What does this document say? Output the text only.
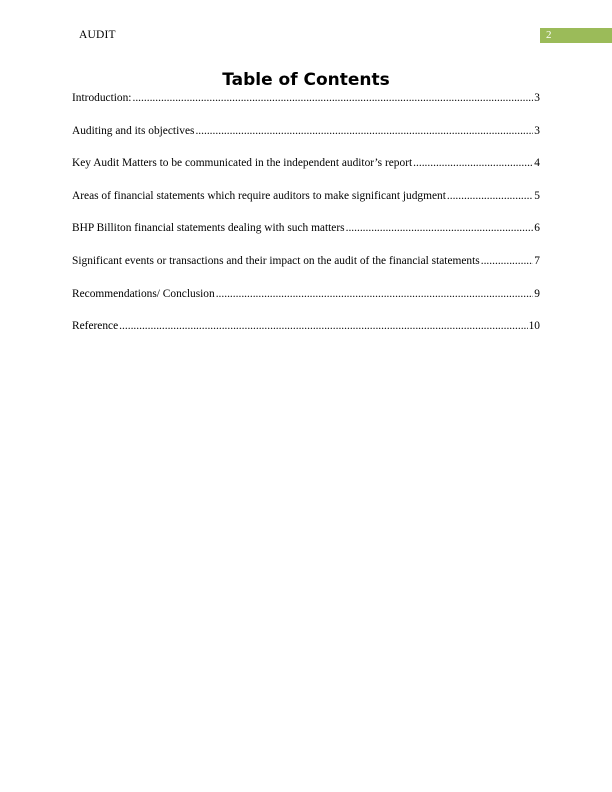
AUDIT	2
Table of Contents
Introduction: .....	3
Auditing and its objectives .....	3
Key Audit Matters to be communicated in the independent auditor’s report .....	4
Areas of financial statements which require auditors to make significant judgment .....	5
BHP Billiton financial statements dealing with such matters .....	6
Significant events or transactions and their impact on the audit of the financial statements .....	7
Recommendations/ Conclusion .....	9
Reference .....	10
